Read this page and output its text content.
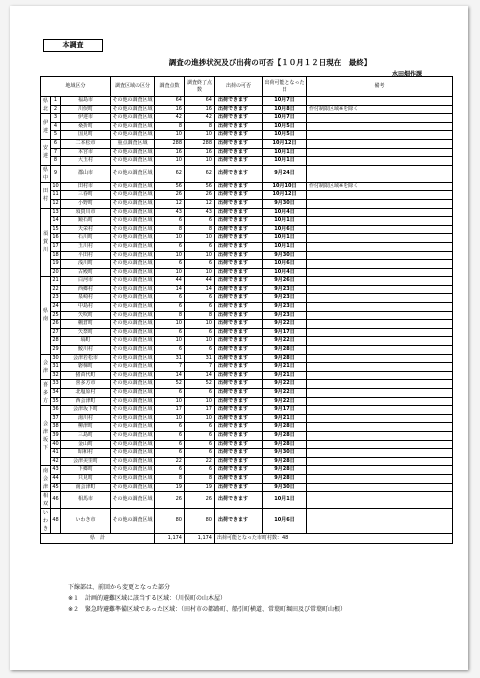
本調査
調査の進捗状況及び出荷の可否【１０月１２日現在　最終】
水田畑作課
地域区分			調査区域の区分	調査点数	調査終了点数	出荷の可否	出荷可能となった日	備考
県北	1	福島市	その他の調査区域	64	64	出荷できます	10月7日	
	2	川俣町	その他の調査区域	16	16	出荷できます	10月8日	作付制限区域※を除く
伊達	3	伊達市	その他の調査区域	42	42	出荷できます	10月7日	
	4	桑折町	その他の調査区域	8	8	出荷できます	10月5日	
	5	国見町	その他の調査区域	10	10	出荷できます	10月5日	
安達	6	二本松市	重点調査区域	288	288	出荷できます	10月12日	
	7	本宮市	その他の調査区域	16	16	出荷できます	10月1日	
	8	大玉村	その他の調査区域	10	10	出荷できます	10月1日	
県中	9	郡山市	その他の調査区域	62	62	出荷できます	9月24日	
田村	10	田村市	その他の調査区域	56	56	出荷できます	10月10日	作付制限区域※を除く
	11	三春町	その他の調査区域	26	26	出荷できます	10月12日	
	12	小野町	その他の調査区域	12	12	出荷できます	9月30日	
須賀川	13	須賀川市	その他の調査区域	43	43	出荷できます	10月4日	
	14	鏡石町	その他の調査区域	6	6	出荷できます	10月1日	
	15	天栄村	その他の調査区域	8	8	出荷できます	10月6日	
	16	石川町	その他の調査区域	10	10	出荷できます	10月1日	
	17	玉川村	その他の調査区域	6	6	出荷できます	10月1日	
	18	平田村	その他の調査区域	10	10	出荷できます	9月30日	
	19	浅川町	その他の調査区域	6	6	出荷できます	10月6日	
	20	古殿町	その他の調査区域	10	10	出荷できます	10月4日	
県南	21	白河市	その他の調査区域	44	44	出荷できます	9月26日	
	22	西郷村	その他の調査区域	14	14	出荷できます	9月23日	
	23	泉崎村	その他の調査区域	6	6	出荷できます	9月23日	
	24	中島村	その他の調査区域	6	6	出荷できます	9月23日	
	25	矢吹町	その他の調査区域	8	8	出荷できます	9月23日	
	26	棚倉町	その他の調査区域	10	10	出荷できます	9月22日	
	27	矢祭町	その他の調査区域	6	6	出荷できます	9月17日	
	28	塙町	その他の調査区域	10	10	出荷できます	9月22日	
	29	鮫川村	その他の調査区域	6	6	出荷できます	9月28日	
会津	30	会津若松市	その他の調査区域	31	31	出荷できます	9月28日	
	31	磐梯町	その他の調査区域	7	7	出荷できます	9月21日	
	32	猪苗代町	その他の調査区域	14	14	出荷できます	9月21日	
喜多方	33	喜多方市	その他の調査区域	52	52	出荷できます	9月22日	
	34	北塩原村	その他の調査区域	6	6	出荷できます	9月22日	
	35	西会津町	その他の調査区域	10	10	出荷できます	9月22日	
会津坂下	36	会津坂下町	その他の調査区域	17	17	出荷できます	9月17日	
	37	湯川村	その他の調査区域	10	10	出荷できます	9月21日	
	38	柳津町	その他の調査区域	6	6	出荷できます	9月28日	
	39	三島町	その他の調査区域	6	6	出荷できます	9月28日	
	40	金山町	その他の調査区域	6	6	出荷できます	9月28日	
	41	昭和村	その他の調査区域	6	6	出荷できます	9月30日	
	42	会津美里町	その他の調査区域	22	22	出荷できます	9月28日	
南会津	43	下郷町	その他の調査区域	6	6	出荷できます	9月28日	
	44	只見町	その他の調査区域	8	8	出荷できます	9月28日	
	45	南会津町	その他の調査区域	19	19	出荷できます	9月30日	
相双	46	相馬市	その他の調査区域	26	26	出荷できます	10月1日	
いわき	48	いわき市	その他の調査区域	80	80	出荷できます	10月6日	
県　計				1,174	1,174	出荷可能となった市町村数：48		
下線部は、前回から変更となった部分
※１　計画的避難区域に該当する区域：（川俣町の山木屋）
※２　緊急時避難準備区域であった区域：（田村市の都路町、船引町横道、常葉町堀田及び常葉町山根）
